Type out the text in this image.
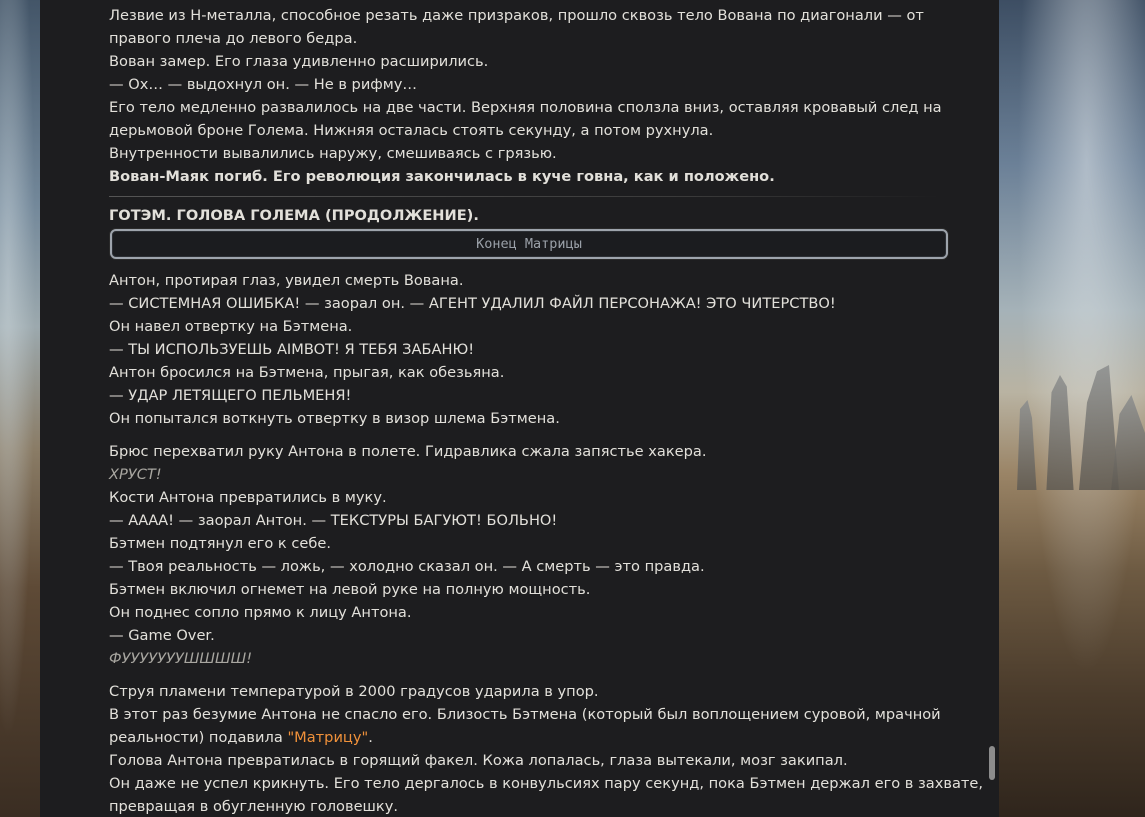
Лезвие из Н-металла, способное резать даже призраков, прошло сквозь тело Вована по диагонали — от

правого плеча до левого бедра.

Вован замер. Его глаза удивленно расширились.

— Ох… — выдохнул он. — Не в рифму…

Его тело медленно развалилось на две части. Верхняя половина сползла вниз, оставляя кровавый след на

дерьмовой броне Голема. Нижняя осталась стоять секунду, а потом рухнула.

Внутренности вывалились наружу, смешиваясь с грязью.

Вован-Маяк погиб. Его революция закончилась в куче говна, как и положено.

ГОТЭМ. ГОЛОВА ГОЛЕМА (ПРОДОЛЖЕНИЕ).

Конец Матрицы

Антон, протирая глаз, увидел смерть Вована.

— СИСТЕМНАЯ ОШИБКА! — заорал он. — АГЕНТ УДАЛИЛ ФАЙЛ ПЕРСОНАЖА! ЭТО ЧИТЕРСТВО!

Он навел отвертку на Бэтмена.

— ТЫ ИСПОЛЬЗУЕШЬ AIMBOT! Я ТЕБЯ ЗАБАНЮ!

Антон бросился на Бэтмена, прыгая, как обезьяна.

— УДАР ЛЕТЯЩЕГО ПЕЛЬМЕНЯ!

Он попытался воткнуть отвертку в визор шлема Бэтмена.

Брюс перехватил руку Антона в полете. Гидравлика сжала запястье хакера.

ХРУСТ!

Кости Антона превратились в муку.

— АААА! — заорал Антон. — ТЕКСТУРЫ БАГУЮТ! БОЛЬНО!

Бэтмен подтянул его к себе.

— Твоя реальность — ложь, — холодно сказал он. — А смерть — это правда.

Бэтмен включил огнемет на левой руке на полную мощность.

Он поднес сопло прямо к лицу Антона.

— Game Over.

ФУУУУУУУШШШШ!

Струя пламени температурой в 2000 градусов ударила в упор.

В этот раз безумие Антона не спасло его. Близость Бэтмена (который был воплощением суровой, мрачной

реальности) подавила "Матрицу".

Голова Антона превратилась в горящий факел. Кожа лопалась, глаза вытекали, мозг закипал.

Он даже не успел крикнуть. Его тело дергалось в конвульсиях пару секунд, пока Бэтмен держал его в захвате,

превращая в обугленную головешку.
